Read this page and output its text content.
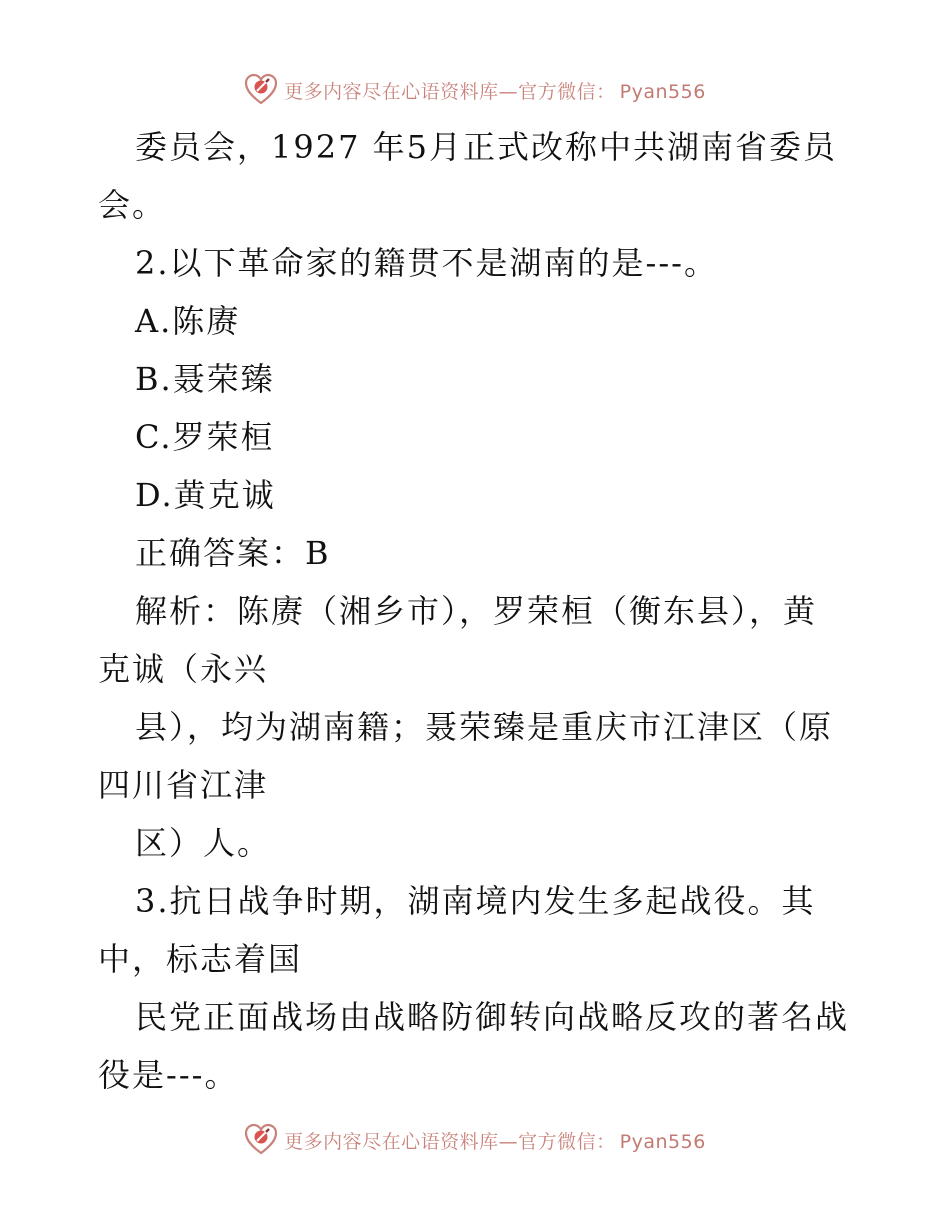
更多内容尽在心语资料库—官方微信： Pyan556
委员会，1927 年5月正式改称中共湖南省委员
会。
2.以下革命家的籍贯不是湖南的是---。
A.陈赓
B.聂荣臻
C.罗荣桓
D.黄克诚
正确答案：B
解析：陈赓（湘乡市），罗荣桓（衡东县），黄
克诚（永兴
县），均为湖南籍；聂荣臻是重庆市江津区（原
四川省江津
区）人。
3.抗日战争时期，湖南境内发生多起战役。其
中，标志着国
民党正面战场由战略防御转向战略反攻的著名战
役是---。
更多内容尽在心语资料库—官方微信： Pyan556
